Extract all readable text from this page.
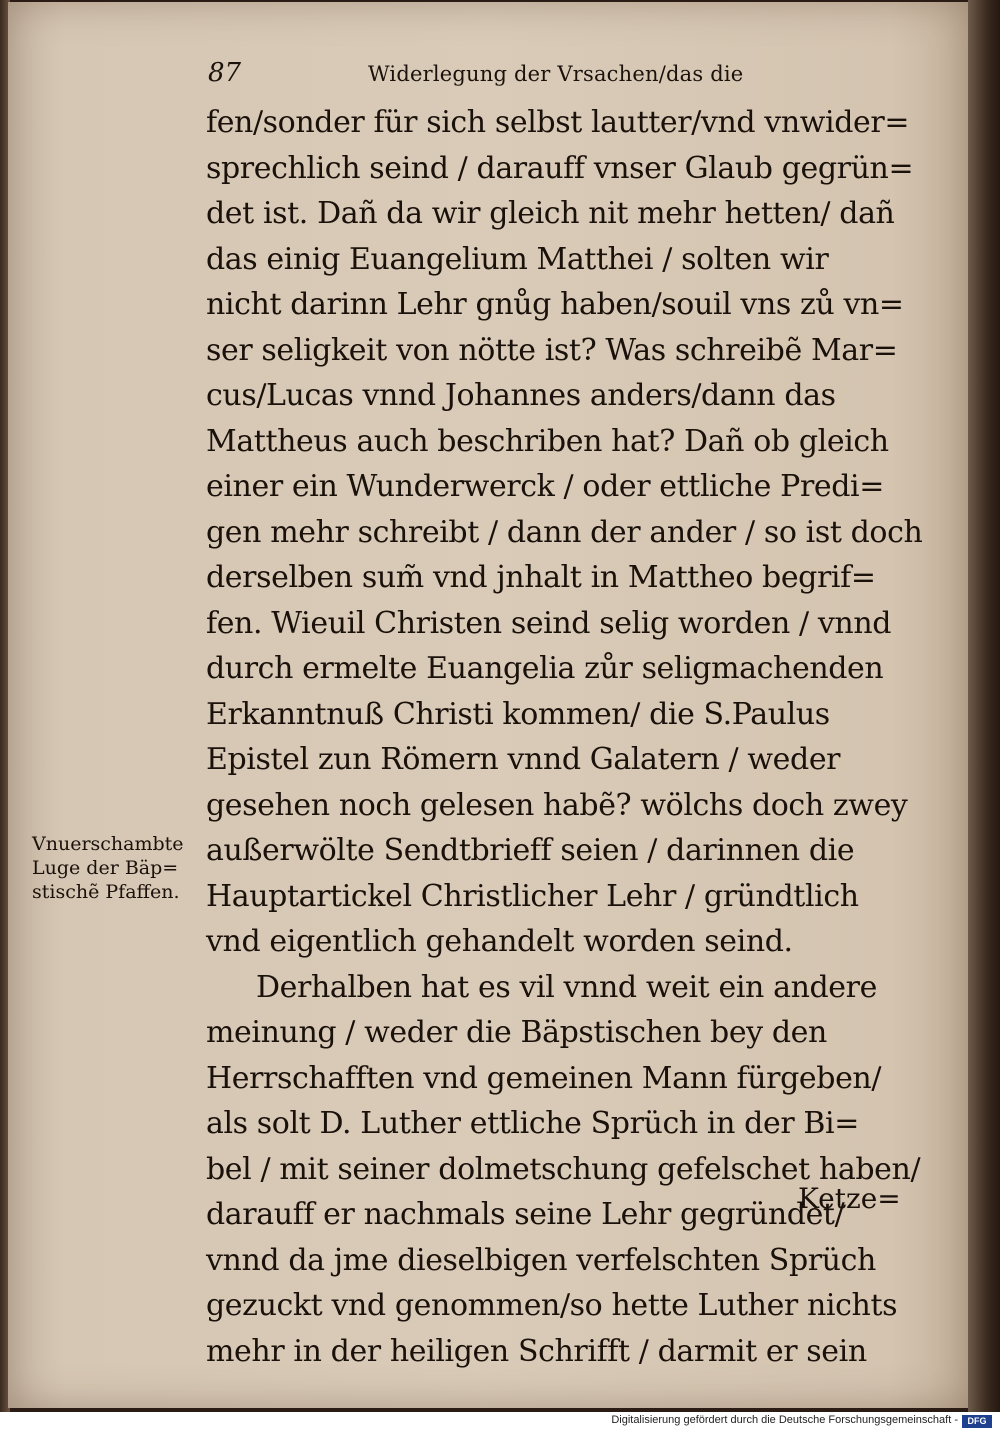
87	Widerlegung der Vrsachen/das die
fen/sonder für sich selbst lautter/vnd vnwider=
sprechlich seind / darauff vnser Glaub gegrün=
det ist. Dañ da wir gleich nit mehr hetten/ dañ
das einig Euangelium Matthei / solten wir
nicht darinn Lehr gnůg haben/souil vns zů vn=
ser seligkeit von nötte ist? Was schreibẽ Mar=
cus/Lucas vnnd Johannes anders/dann das
Mattheus auch beschriben hat? Dañ ob gleich
einer ein Wunderwerck / oder ettliche Predi=
gen mehr schreibt / dann der ander / so ist doch
derselben sum̃ vnd jnhalt in Mattheo begrif=
fen. Wieuil Christen seind selig worden / vnnd
durch ermelte Euangelia zůr seligmachenden
Erkanntnuß Christi kommen/ die S.Paulus
Epistel zun Römern vnnd Galatern / weder
gesehen noch gelesen habẽ? wölchs doch zwey
außerwölte Sendtbrieff seien / darinnen die
Hauptartickel Christlicher Lehr / gründtlich
vnd eigentlich gehandelt worden seind.
Derhalben hat es vil vnnd weit ein andere
meinung / weder die Bäpstischen bey den
Herrschafften vnd gemeinen Mann fürgeben/
als solt D. Luther ettliche Sprüch in der Bi=
bel / mit seiner dolmetschung gefelschet haben/
darauff er nachmals seine Lehr gegründet/
vnnd da jme dieselbigen verfelschten Sprüch
gezuckt vnd genommen/so hette Luther nichts
mehr in der heiligen Schrifft / darmit er sein
Ketze=
Vnuerschambte
Luge der Bäp=
stischẽ Pfaffen.
Digitalisierung gefördert durch die Deutsche Forschungsgemeinschaft -	DFG
